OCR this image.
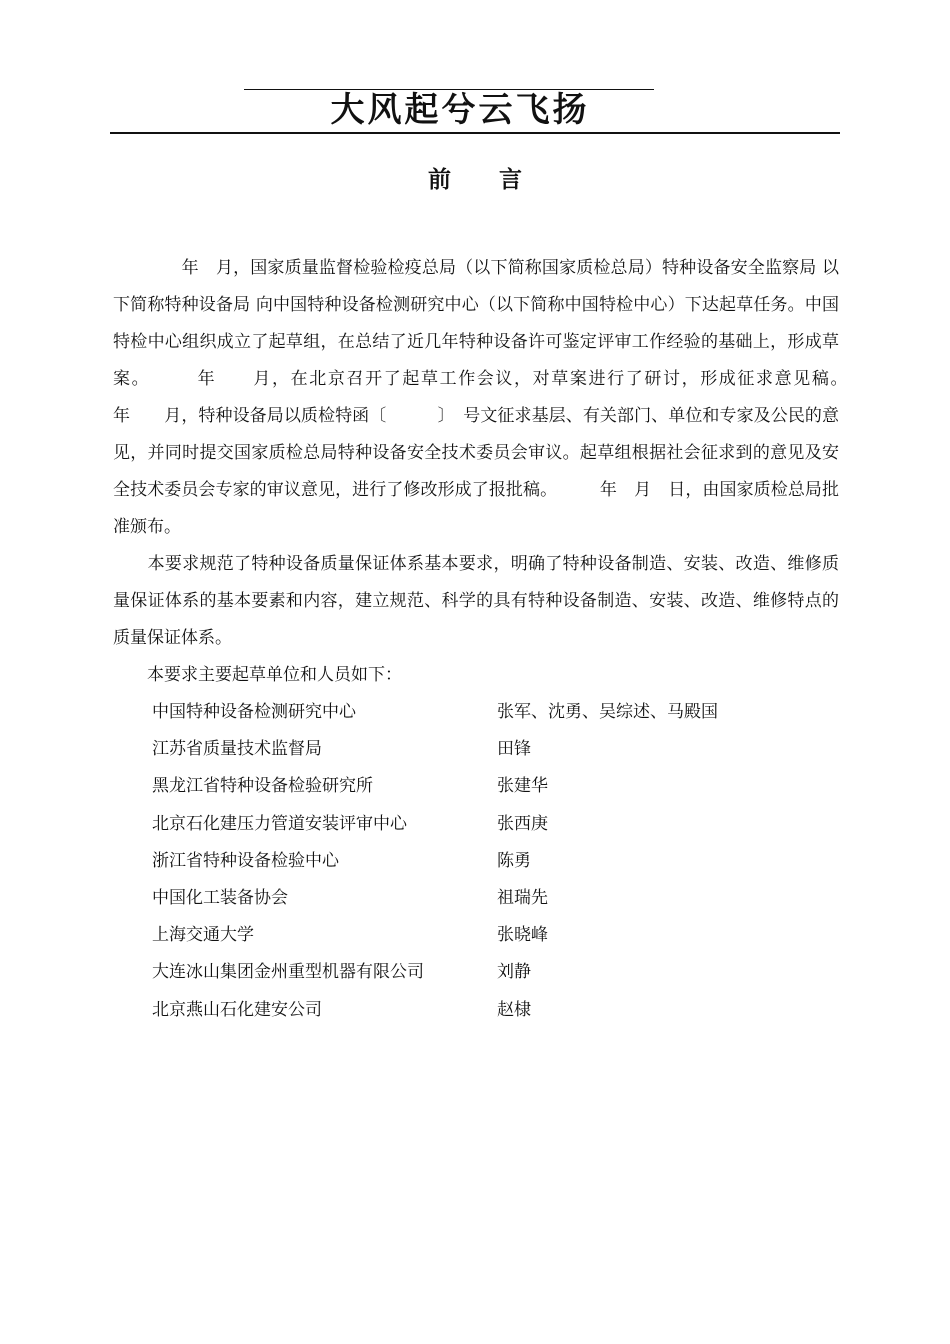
大风起兮云飞扬
前言

　　　　年　月，国家质量监督检验检疫总局（以下简称国家质检总局）特种设备安全监察局 以下简称特种设备局 向中国特种设备检测研究中心（以下简称中国特检中心）下达起草任务。中国特检中心组织成立了起草组，在总结了近几年特种设备许可鉴定评审工作经验的基础上，形成草案。　　　年　　月，在北京召开了起草工作会议，对草案进行了研讨，形成征求意见稿。　　　年　　月，特种设备局以质检特函〔　　　〕　号文征求基层、有关部门、单位和专家及公民的意见，并同时提交国家质检总局特种设备安全技术委员会审议。起草组根据社会征求到的意见及安全技术委员会专家的审议意见，进行了修改形成了报批稿。　　　年　月　日，由国家质检总局批准颁布。

　　本要求规范了特种设备质量保证体系基本要求，明确了特种设备制造、安装、改造、维修质量保证体系的基本要素和内容，建立规范、科学的具有特种设备制造、安装、改造、维修特点的质量保证体系。

　　本要求主要起草单位和人员如下：

中国特种设备检测研究中心	张军、沈勇、吴综述、马殿国
江苏省质量技术监督局	田锋
黑龙江省特种设备检验研究所	张建华
北京石化建压力管道安装评审中心	张西庚
浙江省特种设备检验中心	陈勇
中国化工装备协会	祖瑞先
上海交通大学	张晓峰
大连冰山集团金州重型机器有限公司	刘静
北京燕山石化建安公司	赵棣
